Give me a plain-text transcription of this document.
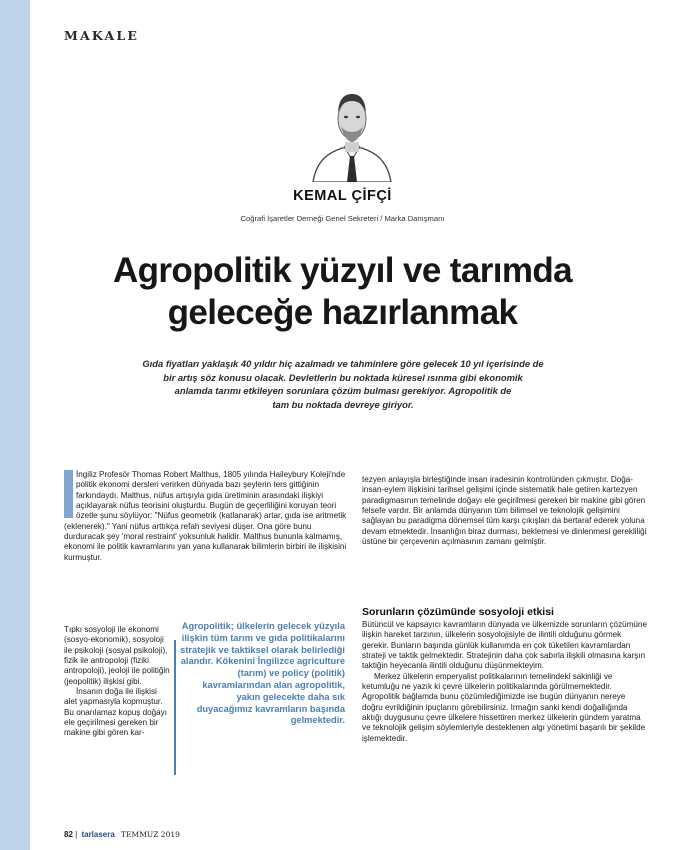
MAKALE
KEMAL ÇİFÇİ
Coğrafi İşaretler Derneği Genel Sekreteri / Marka Danışmanı
Agropolitik yüzyıl ve tarımda
geleceğe hazırlanmak

Gıda fiyatları yaklaşık 40 yıldır hiç azalmadı ve tahminlere göre gelecek 10 yıl içerisinde de
bir artış söz konusu olacak. Devletlerin bu noktada küresel ısınma gibi ekonomik
anlamda tarımı etkileyen sorunlara çözüm bulması gerekiyor. Agropolitik de
tam bu noktada devreye giriyor.

İngiliz Profesör Thomas Robert Malthus, 1805 yılında Haileybury Koleji'nde politik ekonomi dersleri verirken dünyada bazı şeylerin ters gittiğinin farkındaydı. Malthus, nüfus artışıyla gıda üretiminin arasındaki ilişkiyi açıklayarak nüfus teorisini oluşturdu. Bugün de geçerliliğini koruyan teori özetle şunu söylüyor: "Nüfus geometrik (katlanarak) artar, gıda ise aritmetik (eklenerek)." Yani nüfus arttıkça refah seviyesi düşer. Ona göre bunu durduracak şey 'moral restraint' yoksunluk halidir. Malthus bununla kalmamış, ekonomi ile politik kavramlarını yan yana kullanarak bilimlerin birbiri ile ilişkisini kurmuştur.

Tıpkı sosyoloji ile ekonomi (sosyo-ekonomik), sosyoloji ile psikoloji (sosyal psikoloji), fizik ile antropoloji (fiziki antropoloji), jeoloji ile politiğin (jeopolitik) ilişkisi gibi.

İnsanın doğa ile ilişkisi alet yapmasıyla kopmuştur. Bu onarılamaz kopuş doğayı ele geçirilmesi gereken bir makine gibi gören kar-

Agropolitik; ülkelerin gelecek yüzyıla ilişkin tüm tarım ve gıda politikalarını stratejik ve taktiksel olarak belirlediği alandır. Kökenini İngilizce agriculture (tarım) ve policy (politik) kavramlarından alan agropolitik, yakın gelecekte daha sık duyacağımız kavramların başında gelmektedir.

tezyen anlayışla birleştiğinde insan iradesinin kontrolünden çıkmıştır. Doğa-insan-eylem ilişkisini tarihsel gelişimi içinde sistematik hale getiren kartezyen paradigmasının temelinde doğayı ele geçirilmesi gereken bir makine gibi gören felsefe vardır. Bir anlamda dünyanın tüm bilimsel ve teknolojik gelişimini sağlayan bu paradigma dönemsel tüm karşı çıkışları da bertaraf ederek yoluna devam etmektedir. İnsanlığın biraz durması, beklemesi ve dinlenmesi gerekliliği üstüne bir çerçevenin açılmasının zamanı gelmiştir.

Sorunların çözümünde sosyoloji etkisi

Bütüncül ve kapsayıcı kavramların dünyada ve ülkemizde sorunların çözümüne ilişkin hareket tarzının, ülkelerin sosyolojisiyle de ilintili olduğunu görmek gerekir. Bunların başında günlük kullanımda en çok tüketilen kavramlardan strateji ve taktik gelmektedir. Stratejinin daha çok sabırla ilişkili olmasına karşın taktiğin heyecanla ilintili olduğunu düşünmekteyim.

Merkez ülkelerin emperyalist politikalarının temelindeki sakinliği ve ketumluğu ne yazık ki çevre ülkelerin politikalarında görülmemektedir. Agropolitik bağlamda bunu çözümlediğimizde ise bugün dünyanın nereye doğru evrildiğinin ipuçlarını görebilirsiniz. Irmağın sanki kendi doğallığında aktığı duygusunu çevre ülkelere hissettiren merkez ülkelerin gündem yaratma ve teknolojik gelişim söylemleriyle desteklenen algı yönetimi başarılı bir şekilde işlemektedir.

82 | tarlasera TEMMUZ 2019
